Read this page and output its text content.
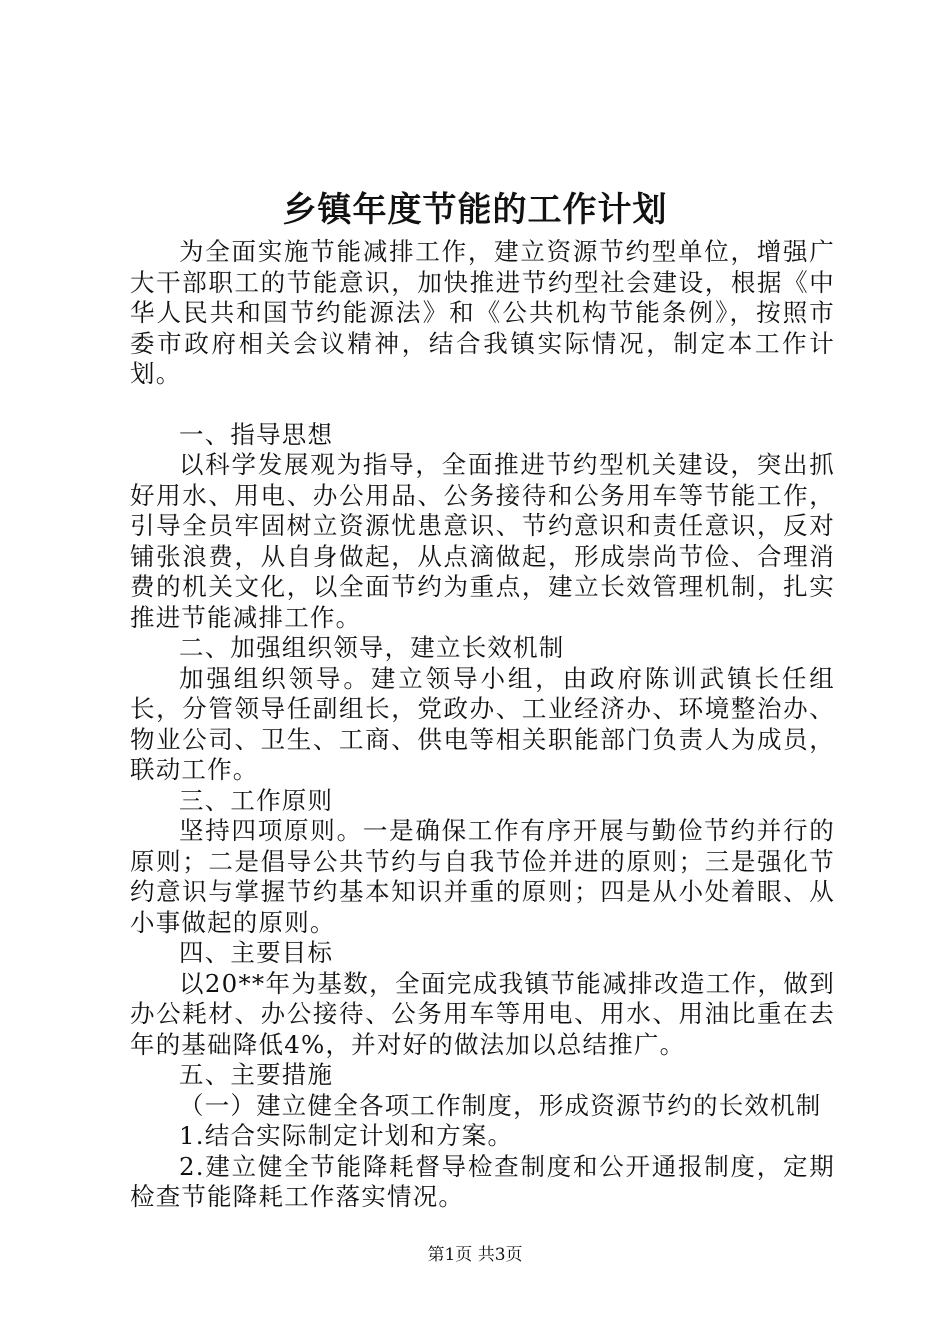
乡镇年度节能的工作计划

为全面实施节能减排工作，建立资源节约型单位，增强广大干部职工的节能意识，加快推进节约型社会建设，根据《中华人民共和国节约能源法》和《公共机构节能条例》，按照市委市政府相关会议精神，结合我镇实际情况，制定本工作计划。

一、指导思想

以科学发展观为指导，全面推进节约型机关建设，突出抓好用水、用电、办公用品、公务接待和公务用车等节能工作，引导全员牢固树立资源忧患意识、节约意识和责任意识，反对铺张浪费，从自身做起，从点滴做起，形成崇尚节俭、合理消费的机关文化，以全面节约为重点，建立长效管理机制，扎实推进节能减排工作。

二、加强组织领导，建立长效机制

加强组织领导。建立领导小组，由政府陈训武镇长任组长，分管领导任副组长，党政办、工业经济办、环境整治办、物业公司、卫生、工商、供电等相关职能部门负责人为成员，联动工作。

三、工作原则

坚持四项原则。一是确保工作有序开展与勤俭节约并行的原则；二是倡导公共节约与自我节俭并进的原则；三是强化节约意识与掌握节约基本知识并重的原则；四是从小处着眼、从小事做起的原则。

四、主要目标

以20**年为基数，全面完成我镇节能减排改造工作，做到办公耗材、办公接待、公务用车等用电、用水、用油比重在去年的基础降低4%，并对好的做法加以总结推广。

五、主要措施

（一）建立健全各项工作制度，形成资源节约的长效机制

1.结合实际制定计划和方案。

2.建立健全节能降耗督导检查制度和公开通报制度，定期检查节能降耗工作落实情况。

第1页 共3页
